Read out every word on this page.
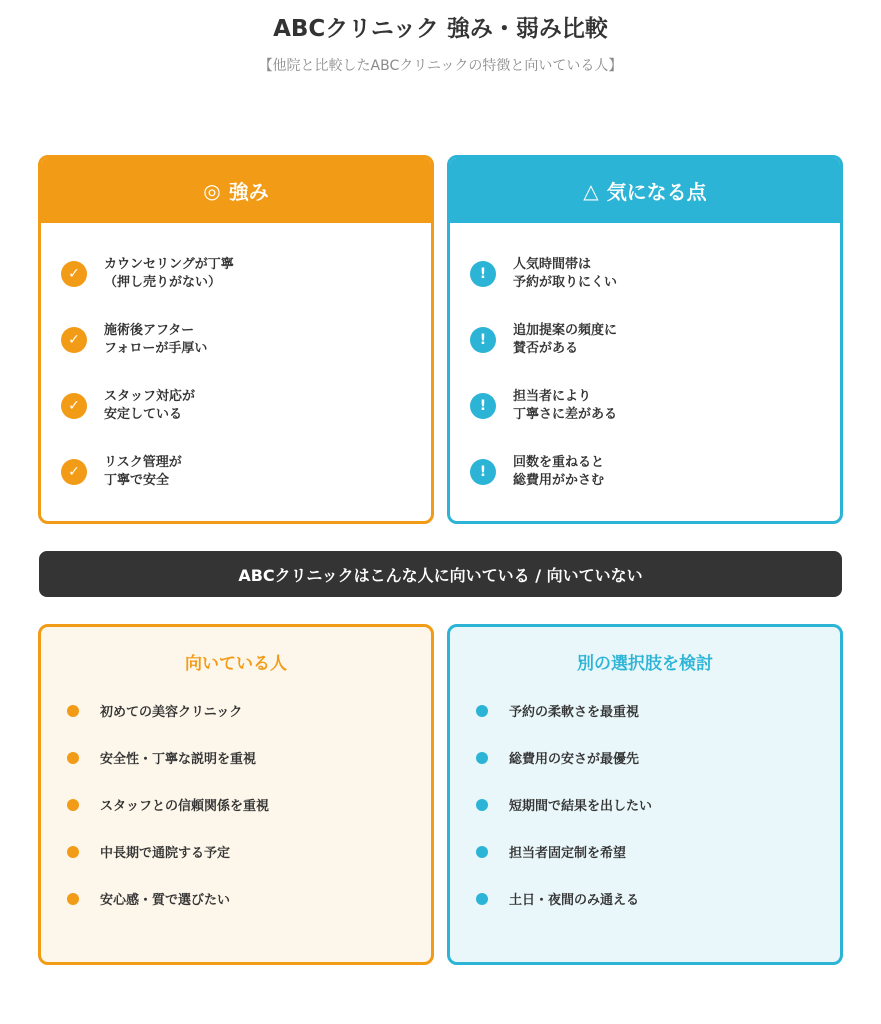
ABCクリニック 強み・弱み比較
【他院と比較したABCクリニックの特徴と向いている人】
◎ 強み
✓
カウンセリングが丁寧
（押し売りがない）
✓
施術後アフター
フォローが手厚い
✓
スタッフ対応が
安定している
✓
リスク管理が
丁寧で安全
△ 気になる点
!
人気時間帯は
予約が取りにくい
!
追加提案の頻度に
賛否がある
!
担当者により
丁寧さに差がある
!
回数を重ねると
総費用がかさむ
ABCクリニックはこんな人に向いている / 向いていない
向いている人
初めての美容クリニック
安全性・丁寧な説明を重視
スタッフとの信頼関係を重視
中長期で通院する予定
安心感・質で選びたい
別の選択肢を検討
予約の柔軟さを最重視
総費用の安さが最優先
短期間で結果を出したい
担当者固定制を希望
土日・夜間のみ通える
